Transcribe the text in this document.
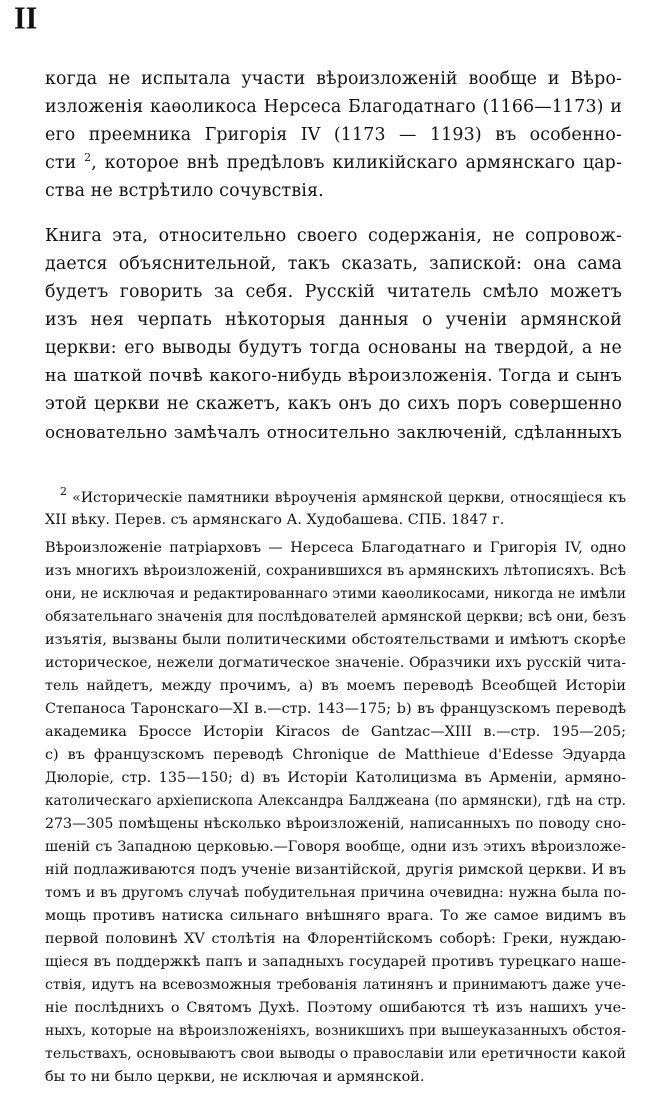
II
когда не испытала участи вѣроизложеній вообще и Вѣро-
изложенія каѳоликоса Нерсеса Благодатнаго (1166—1173) и
его преемника Григорія IV (1173 — 1193) въ особенно-
сти $^2$, которое внѣ предѣловъ киликійскаго армянскаго цар-
ства не встрѣтило сочувствія.
Книга эта, относительно своего содержанія, не сопровож-
дается объяснительной, такъ сказать, запиской: она сама
будетъ говорить за себя. Русскій читатель смѣло можетъ
изъ нея черпать нѣкоторыя данныя о ученіи армянской
церкви: его выводы будутъ тогда основаны на твердой, а не
на шаткой почвѣ какого-нибудь вѣроизложенія. Тогда и сынъ
этой церкви не скажетъ, какъ онъ до сихъ поръ совершенно
основательно замѣчалъ относительно заключеній, сдѣланныхъ
$^2$ «Историческіе памятники вѣроученія армянской церкви, относящіеся къ
XII вѣку. Перев. съ армянскаго А. Худобашева. СПБ. 1847 г.
Вѣроизложеніе патріарховъ — Нерсеса Благодатнаго и Григорія IV, одно
изъ многихъ вѣроизложеній, сохранившихся въ армянскихъ лѣтописяхъ. Всѣ
они, не исключая и редактированнаго этими каѳоликосами, никогда не имѣли
обязательнаго значенія для послѣдователей армянской церкви; всѣ они, безъ
изъятія, вызваны были политическими обстоятельствами и имѣютъ скорѣе
историческое, нежели догматическое значеніе. Образчики ихъ русскій чита-
тель найдетъ, между прочимъ, а) въ моемъ переводѣ Всеобщей Исторіи
Степаноса Таронскаго—XI в.—стр. 143—175; b) въ французскомъ переводѣ
академика Броссе Исторіи Kiracos de Gantzac—XIII в.—стр. 195—205;
c) въ французскомъ переводѣ Chronique de Matthieue d'Edesse Эдуарда
Дюлоріе, стр. 135—150; d) въ Исторіи Католицизма въ Арменіи, армяно-
католическаго архіепископа Александра Балджеана (по армянски), гдѣ на стр.
273—305 помѣщены нѣсколько вѣроизложеній, написанныхъ по поводу сно-
шеній съ Западною церковью.—Говоря вообще, одни изъ этихъ вѣроизложе-
ній подлаживаются подъ ученіе византійской, другія римской церкви. И въ
томъ и въ другомъ случаѣ побудительная причина очевидна: нужна была по-
мощь противъ натиска сильнаго внѣшняго врага. То же самое видимъ въ
первой половинѣ XV столѣтія на Флорентійскомъ соборѣ: Греки, нуждаю-
щіеся въ поддержкѣ папъ и западныхъ государей противъ турецкаго наше-
ствія, идутъ на всевозможныя требованія латинянъ и принимаютъ даже уче-
ніе послѣднихъ о Святомъ Духѣ. Поэтому ошибаются тѣ изъ нашихъ уче-
ныхъ, которые на вѣроизложеніяхъ, возникшихъ при вышеуказанныхъ обстоя-
тельствахъ, основываютъ свои выводы о православіи или еретичности какой
бы то ни было церкви, не исключая и армянской.
